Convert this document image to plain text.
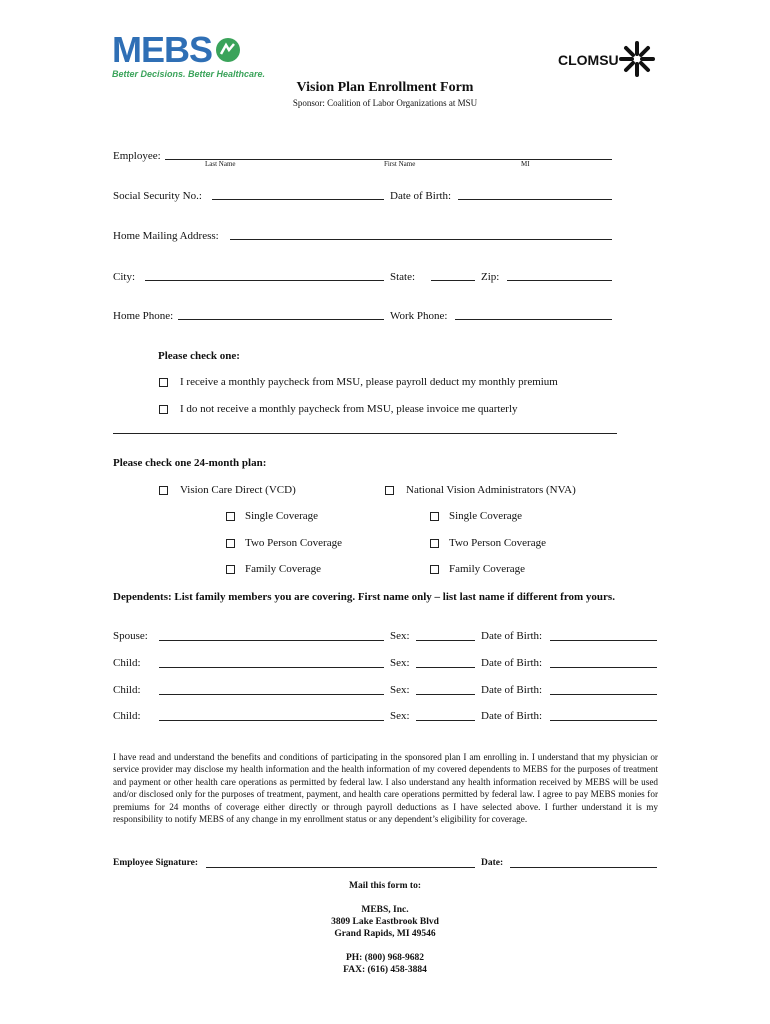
MEBS
Better Decisions. Better Healthcare.
CLOMSU
Vision Plan Enrollment Form
Sponsor: Coalition of Labor Organizations at MSU
Employee:
Last Name	First Name	MI
Social Security No.:	Date of Birth:
Home Mailing Address:
City:	State:	Zip:
Home Phone:	Work Phone:
Please check one:
I receive a monthly paycheck from MSU, please payroll deduct my monthly premium
I do not receive a monthly paycheck from MSU, please invoice me quarterly
Please check one 24-month plan:
Vision Care Direct (VCD)	National Vision Administrators (NVA)
Single Coverage	Single Coverage
Two Person Coverage	Two Person Coverage
Family Coverage	Family Coverage
Dependents: List family members you are covering. First name only – list last name if different from yours.
Spouse:	Sex:	Date of Birth:
Child:	Sex:	Date of Birth:
Child:	Sex:	Date of Birth:
Child:	Sex:	Date of Birth:
I have read and understand the benefits and conditions of participating in the sponsored plan I am enrolling in. I understand that my physician or service provider may disclose my health information and the health information of my covered dependents to MEBS for the purposes of treatment and payment or other health care operations as permitted by federal law. I also understand any health information received by MEBS will be used and/or disclosed only for the purposes of treatment, payment, and health care operations permitted by federal law. I agree to pay MEBS monies for premiums for 24 months of coverage either directly or through payroll deductions as I have selected above. I further understand it is my responsibility to notify MEBS of any change in my enrollment status or any dependent’s eligibility for coverage.
Employee Signature:	Date:
Mail this form to:
MEBS, Inc.
3809 Lake Eastbrook Blvd
Grand Rapids, MI 49546
PH: (800) 968-9682
FAX: (616) 458-3884
